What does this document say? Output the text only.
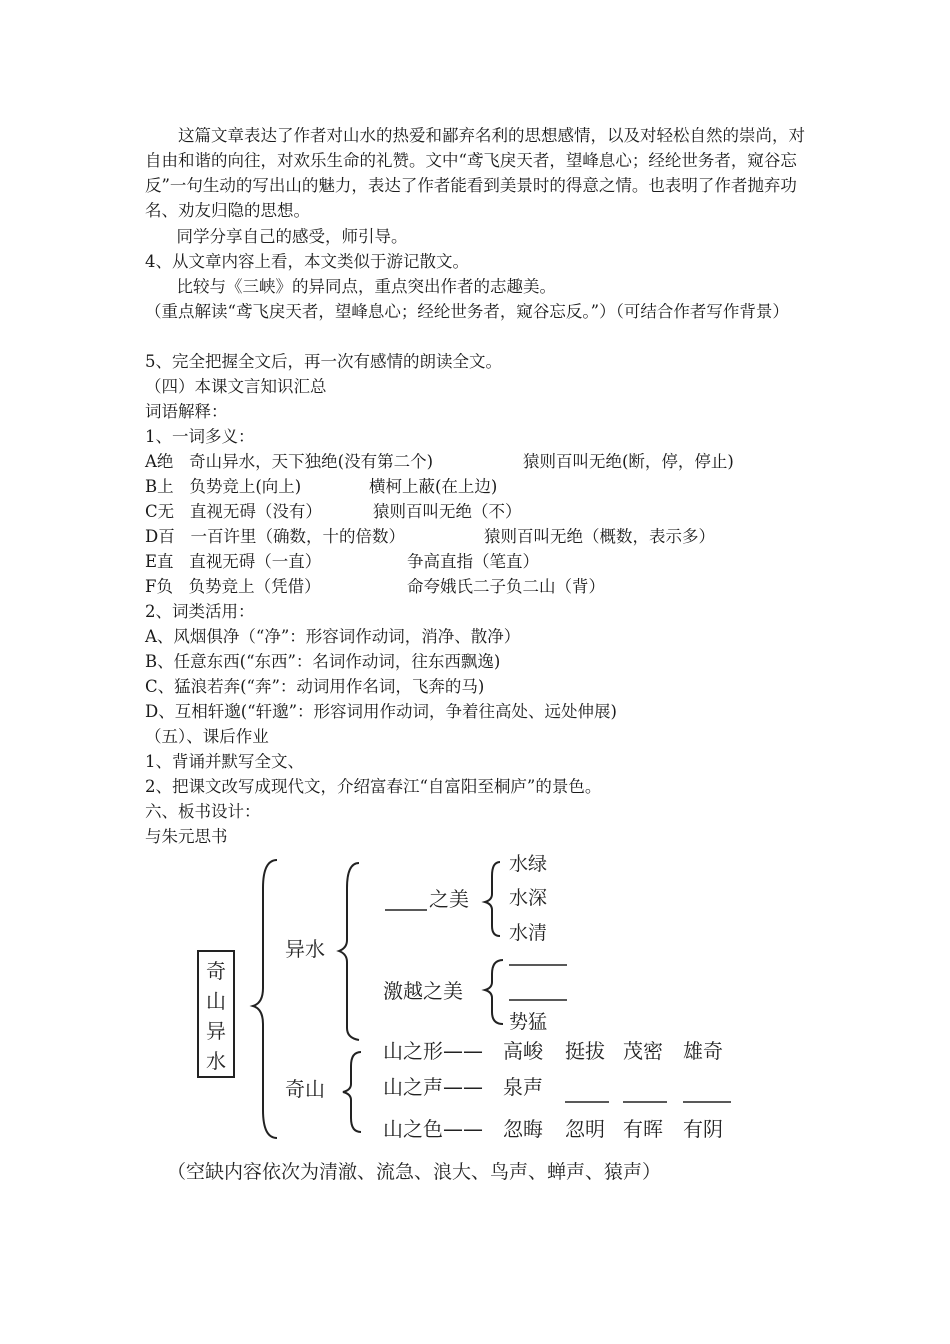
　　这篇文章表达了作者对山水的热爱和鄙弃名利的思想感情，以及对轻松自然的崇尚，对自由和谐的向往，对欢乐生命的礼赞。文中“鸢飞戾天者，望峰息心；经纶世务者，窥谷忘反”一句生动的写出山的魅力，表达了作者能看到美景时的得意之情。也表明了作者抛弃功名、劝友归隐的思想。
同学分享自己的感受，师引导。
4、从文章内容上看，本文类似于游记散文。
比较与《三峡》的异同点，重点突出作者的志趣美。
（重点解读“鸢飞戾天者，望峰息心；经纶世务者，窥谷忘反。”）（可结合作者写作背景）
5、完全把握全文后，再一次有感情的朗读全文。
（四）本课文言知识汇总
词语解释：
1、一词多义：
A绝   奇山异水，天下独绝(没有第二个)	猿则百叫无绝(断，停，停止)
B上   负势竞上(向上)	横柯上蔽(在上边)
C无   直视无碍（没有）	猿则百叫无绝（不）
D百   一百许里（确数，十的倍数）	猿则百叫无绝（概数，表示多）
E直   直视无碍（一直）	争高直指（笔直）
F负   负势竞上（凭借）	命夸娥氏二子负二山（背）
2、词类活用：
A、风烟俱净（“净”：形容词作动词，消净、散净）
B、任意东西(“东西”：名词作动词，往东西飘逸)
C、猛浪若奔(“奔”：动词用作名词，飞奔的马)
D、互相轩邈(“轩邈”：形容词用作动词，争着往高处、远处伸展)
（五）、课后作业
1、背诵并默写全文、
2、把课文改写成现代文，介绍富春江“自富阳至桐庐”的景色。
六、板书设计：
与朱元思书
奇
山
异
水
异水
之美
水绿
水深
水清
激越之美
势猛
奇山
山之形—— 高峻 挺拔 茂密 雄奇
山之声—— 泉声
山之色—— 忽晦 忽明 有晖 有阴
（空缺内容依次为清澈、流急、浪大、鸟声、蝉声、猿声）
